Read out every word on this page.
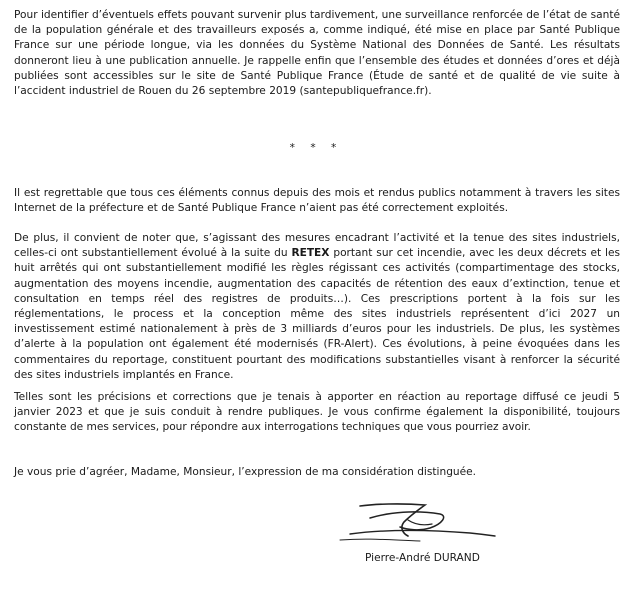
Pour identifier d’éventuels effets pouvant survenir plus tardivement, une surveillance renforcée de l’état de santé de la population générale et des travailleurs exposés a, comme indiqué, été mise en place par Santé Publique France sur une période longue, via les données du Système National des Données de Santé. Les résultats donneront lieu à une publication annuelle. Je rappelle enfin que l’ensemble des études et données d’ores et déjà publiées sont accessibles sur le site de Santé Publique France (Étude de santé et de qualité de vie suite à l’accident industriel de Rouen du 26 septembre 2019 (santepubliquefrance.fr).

* * *

Il est regrettable que tous ces éléments connus depuis des mois et rendus publics notamment à travers les sites Internet de la préfecture et de Santé Publique France n’aient pas été correctement exploités.

De plus, il convient de noter que, s’agissant des mesures encadrant l’activité et la tenue des sites industriels, celles-ci ont substantiellement évolué à la suite du RETEX portant sur cet incendie, avec les deux décrets et les huit arrêtés qui ont substantiellement modifié les règles régissant ces activités (compartimentage des stocks, augmentation des moyens incendie, augmentation des capacités de rétention des eaux d’extinction, tenue et consultation en temps réel des registres de produits…). Ces prescriptions portent à la fois sur les réglementations, le process et la conception même des sites industriels représentent d’ici 2027 un investissement estimé nationalement à près de 3 milliards d’euros pour les industriels. De plus, les systèmes d’alerte à la population ont également été modernisés (FR-Alert). Ces évolutions, à peine évoquées dans les commentaires du reportage, constituent pourtant des modifications substantielles visant à renforcer la sécurité des sites industriels implantés en France.

Telles sont les précisions et corrections que je tenais à apporter en réaction au reportage diffusé ce jeudi 5 janvier 2023 et que je suis conduit à rendre publiques. Je vous confirme également la disponibilité, toujours constante de mes services, pour répondre aux interrogations techniques que vous pourriez avoir.

Je vous prie d’agréer, Madame, Monsieur, l’expression de ma considération distinguée.

Pierre-André DURAND
